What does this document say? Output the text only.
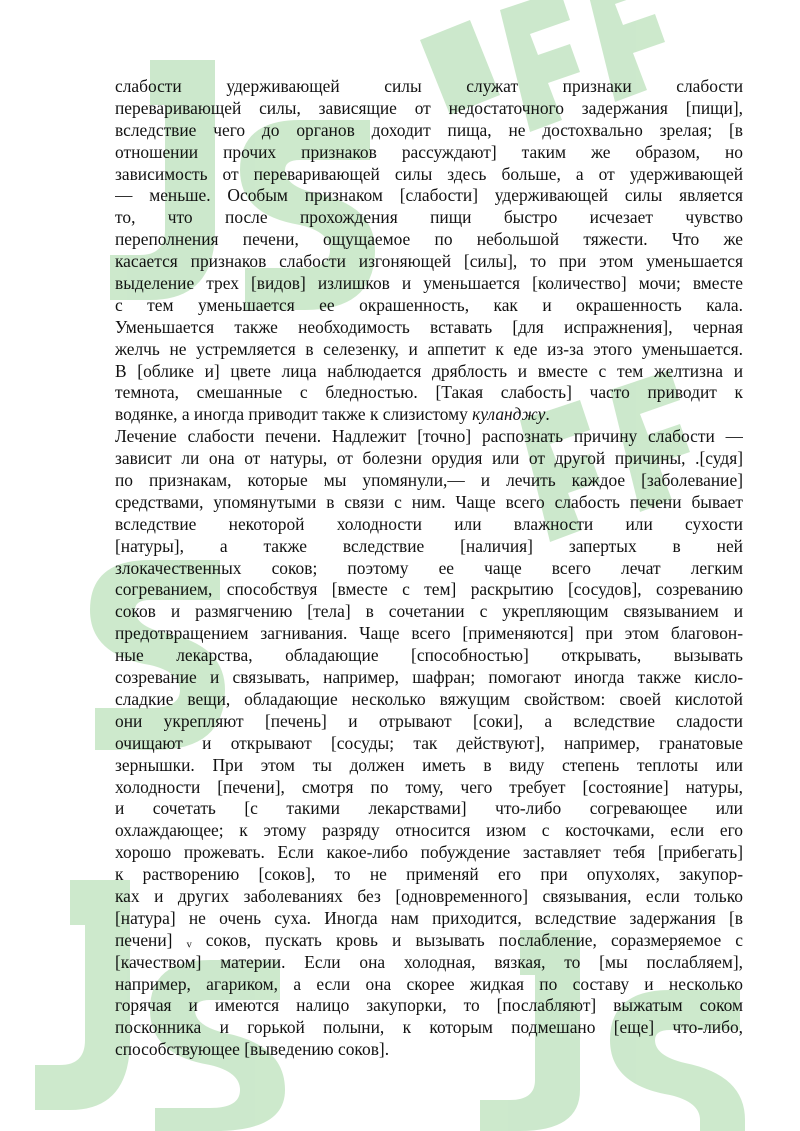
слабости удерживающей силы служат признаки слабости
переваривающей силы, зависящие от недостаточного задержания [пищи],
вследствие чего до органов доходит пища, не достохвально зрелая; [в
отношении прочих признаков рассуждают] таким же образом, но
зависимость от переваривающей силы здесь больше, а от удерживающей
— меньше. Особым признаком [слабости] удерживающей силы является
то, что после прохождения пищи быстро исчезает чувство
переполнения печени, ощущаемое по небольшой тяжести. Что же
касается признаков слабости изгоняющей [силы], то при этом уменьшается
выделение трех [видов] излишков и уменьшается [количество] мочи; вместе
с тем уменьшается ее окрашенность, как и окрашенность кала.
Уменьшается также необходимость вставать [для испражнения], черная
желчь не устремляется в селезенку, и аппетит к еде из-за этого уменьшается.
В [облике и] цвете лица наблюдается дряблость и вместе с тем желтизна и
темнота, смешанные с бледностью. [Такая слабость] часто приводит к
водянке, а иногда приводит также к слизистому куланджу.
Лечение слабости печени. Надлежит [точно] распознать причину слабости —
зависит ли она от натуры, от болезни орудия или от другой причины, .[судя]
по признакам, которые мы упомянули,— и лечить каждое [заболевание]
средствами, упомянутыми в связи с ним. Чаще всего слабость печени бывает
вследствие некоторой холодности или влажности или сухости
[натуры], а также вследствие [наличия] запертых в ней
злокачественных соков; поэтому ее чаще всего лечат легким
согреванием, способствуя [вместе с тем] раскрытию [сосудов], созреванию
соков и размягчению [тела] в сочетании с укрепляющим связыванием и
предотвращением загнивания. Чаще всего [применяются] при этом благовон-
ные лекарства, обладающие [способностью] открывать, вызывать
созревание и связывать, например, шафран; помогают иногда также кисло-
сладкие вещи, обладающие несколько вяжущим свойством: своей кислотой
они укрепляют [печень] и отрывают [соки], а вследствие сладости
очищают и открывают [сосуды; так действуют], например, гранатовые
зернышки. При этом ты должен иметь в виду степень теплоты или
холодности [печени], смотря по тому, чего требует [состояние] натуры,
и сочетать [с такими лекарствами] что-либо согревающее или
охлаждающее; к этому разряду относится изюм с косточками, если его
хорошо прожевать. Если какое-либо побуждение заставляет тебя [прибегать]
к растворению [соков], то не применяй его при опухолях, закупор-
ках и других заболеваниях без [одновременного] связывания, если только
[натура] не очень суха. Иногда нам приходится, вследствие задержания [в
печени] ᵥ соков, пускать кровь и вызывать послабление, соразмеряемое с
[качеством] материи. Если она холодная, вязкая, то [мы послабляем],
например, агариком, а если она скорее жидкая по составу и несколько
горячая и имеются налицо закупорки, то [послабляют] выжатым соком
посконника и горькой полыни, к которым подмешано [еще] что-либо,
способствующее [выведению соков].
